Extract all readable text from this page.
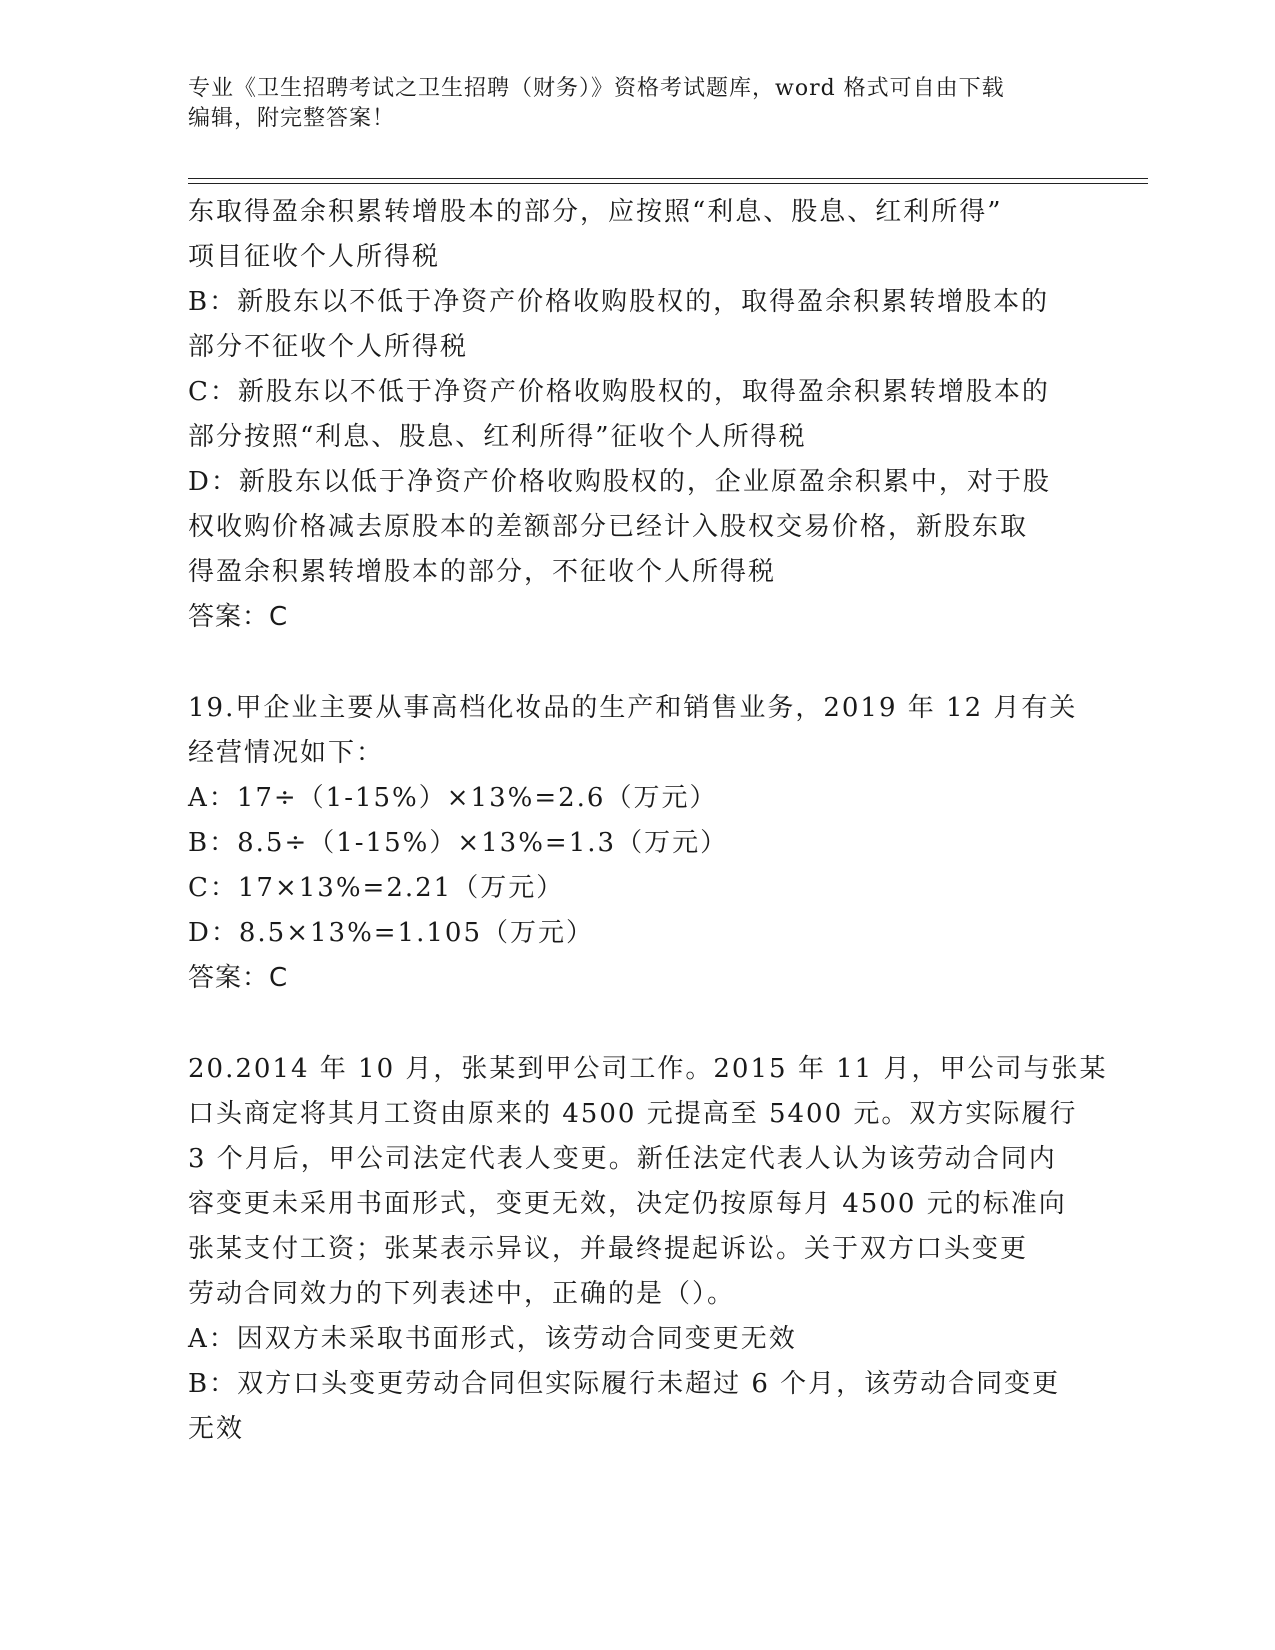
专业《卫生招聘考试之卫生招聘（财务）》资格考试题库，word 格式可自由下载
编辑，附完整答案！
东取得盈余积累转增股本的部分，应按照“利息、股息、红利所得”
项目征收个人所得税
B：新股东以不低于净资产价格收购股权的，取得盈余积累转增股本的
部分不征收个人所得税
C：新股东以不低于净资产价格收购股权的，取得盈余积累转增股本的
部分按照“利息、股息、红利所得”征收个人所得税
D：新股东以低于净资产价格收购股权的，企业原盈余积累中，对于股
权收购价格减去原股本的差额部分已经计入股权交易价格，新股东取
得盈余积累转增股本的部分，不征收个人所得税
答案：C
19.甲企业主要从事高档化妆品的生产和销售业务，2019 年 12 月有关
经营情况如下：
A：17÷（1-15%）×13%=2.6（万元）
B：8.5÷（1-15%）×13%=1.3（万元）
C：17×13%=2.21（万元）
D：8.5×13%=1.105（万元）
答案：C
20.2014 年 10 月，张某到甲公司工作。2015 年 11 月，甲公司与张某
口头商定将其月工资由原来的 4500 元提高至 5400 元。双方实际履行
3 个月后，甲公司法定代表人变更。新任法定代表人认为该劳动合同内
容变更未采用书面形式，变更无效，决定仍按原每月 4500 元的标准向
张某支付工资；张某表示异议，并最终提起诉讼。关于双方口头变更
劳动合同效力的下列表述中，正确的是（）。
A：因双方未采取书面形式，该劳动合同变更无效
B：双方口头变更劳动合同但实际履行未超过 6 个月，该劳动合同变更
无效
